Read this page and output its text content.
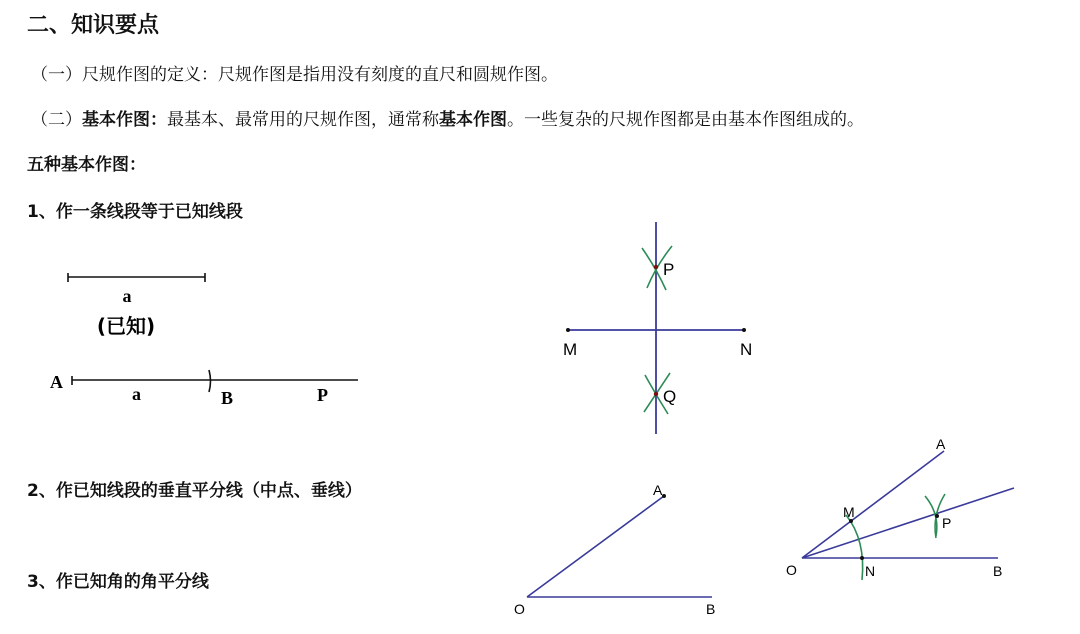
二、知识要点
（一）尺规作图的定义：尺规作图是指用没有刻度的直尺和圆规作图。
（二）基本作图：最基本、最常用的尺规作图，通常称基本作图。一些复杂的尺规作图都是由基本作图组成的。
五种基本作图：
1、作一条线段等于已知线段
2、作已知线段的垂直平分线（中点、垂线）
3、作已知角的角平分线
a
(已知)
A
a	B	P
P
M	N
Q
A
O	B
A
M
P
O	N	B
